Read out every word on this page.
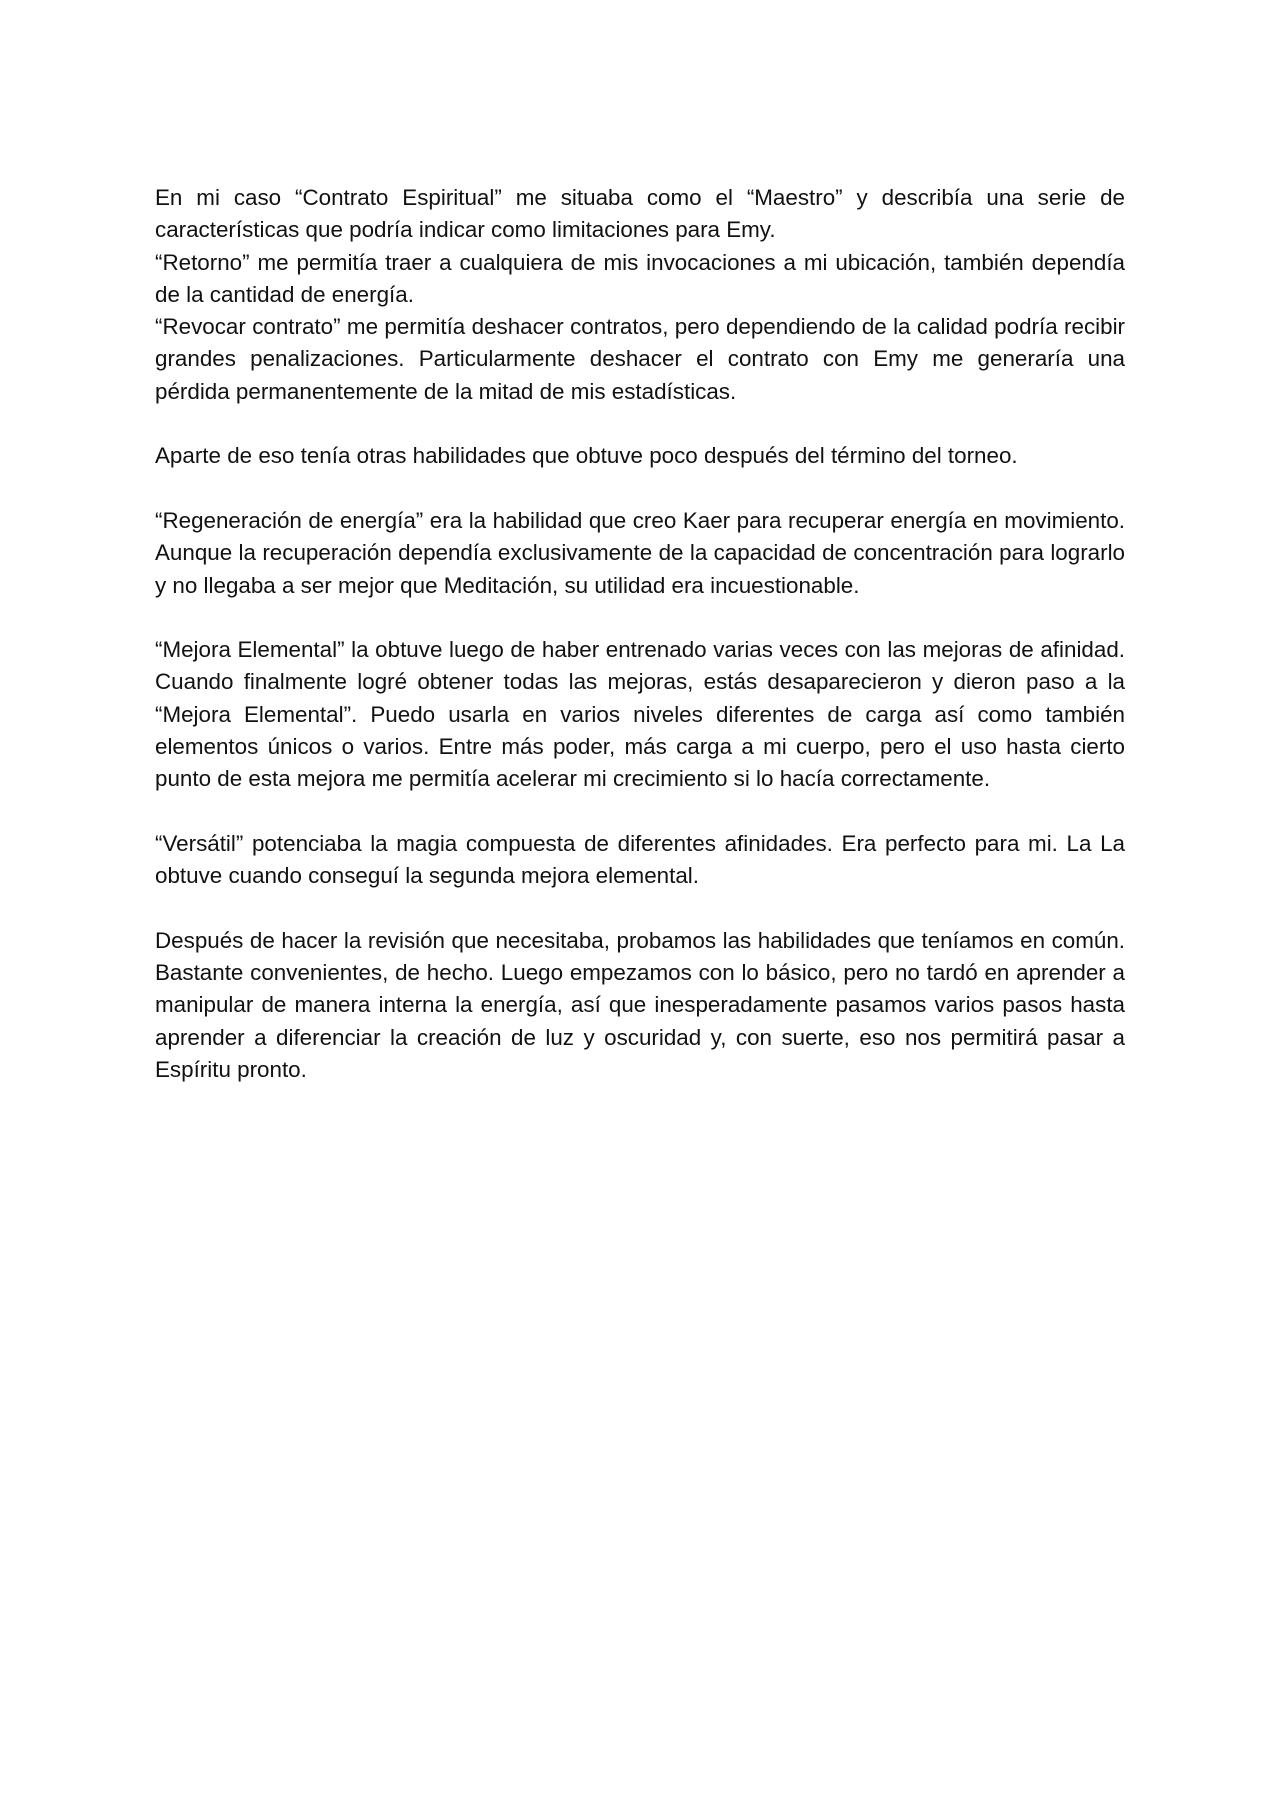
En mi caso “Contrato Espiritual” me situaba como el “Maestro” y describía una serie de características que podría indicar como limitaciones para Emy.

“Retorno” me permitía traer a cualquiera de mis invocaciones a mi ubicación, también dependía de la cantidad de energía.

“Revocar contrato” me permitía deshacer contratos, pero dependiendo de la calidad podría recibir grandes penalizaciones. Particularmente deshacer el contrato con Emy me generaría una pérdida permanentemente de la mitad de mis estadísticas.

Aparte de eso tenía otras habilidades que obtuve poco después del término del torneo.

“Regeneración de energía” era la habilidad que creo Kaer para recuperar energía en movimiento. Aunque la recuperación dependía exclusivamente de la capacidad de concentración para lograrlo y no llegaba a ser mejor que Meditación, su utilidad era incuestionable.

“Mejora Elemental” la obtuve luego de haber entrenado varias veces con las mejoras de afinidad. Cuando finalmente logré obtener todas las mejoras, estás desaparecieron y dieron paso a la “Mejora Elemental”. Puedo usarla en varios niveles diferentes de carga así como también elementos únicos o varios. Entre más poder, más carga a mi cuerpo, pero el uso hasta cierto punto de esta mejora me permitía acelerar mi crecimiento si lo hacía correctamente.

“Versátil” potenciaba la magia compuesta de diferentes afinidades. Era perfecto para mi. La La obtuve cuando conseguí la segunda mejora elemental.

Después de hacer la revisión que necesitaba, probamos las habilidades que teníamos en común. Bastante convenientes, de hecho. Luego empezamos con lo básico, pero no tardó en aprender a manipular de manera interna la energía, así que inesperadamente pasamos varios pasos hasta aprender a diferenciar la creación de luz y oscuridad y, con suerte, eso nos permitirá pasar a Espíritu pronto.
